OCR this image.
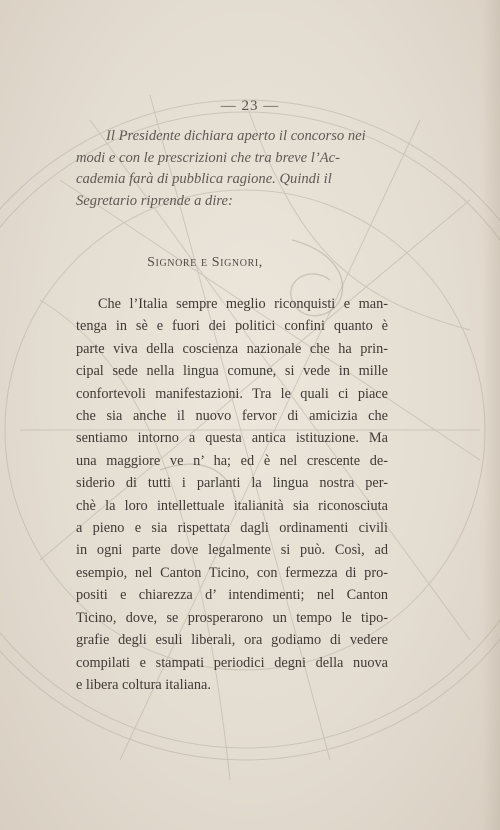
— 23 —
Il Presidente dichiara aperto il concorso nei
modi e con le prescrizioni che tra breve l’Ac-
cademia farà di pubblica ragione. Quindi il
Segretario riprende a dire:
Signore e Signori,
Che l’Italia sempre meglio riconquisti e man-
tenga in sè e fuori dei politici confini quanto è
parte viva della coscienza nazionale che ha prin-
cipal sede nella lingua comune, si vede in mille
confortevoli manifestazioni. Tra le quali ci piace
che sia anche il nuovo fervor di amicizia che
sentiamo intorno a questa antica istituzione. Ma
una maggiore ve n’ ha; ed è nel crescente de-
siderio di tutti i parlanti la lingua nostra per-
chè la loro intellettuale italianità sia riconosciuta
a pieno e sia rispettata dagli ordinamenti civili
in ogni parte dove legalmente si può. Così, ad
esempio, nel Canton Ticino, con fermezza di pro-
positi e chiarezza d’ intendimenti; nel Canton
Ticino, dove, se prosperarono un tempo le tipo-
grafie degli esuli liberali, ora godiamo di vedere
compilati e stampati periodici degni della nuova
e libera coltura italiana.
